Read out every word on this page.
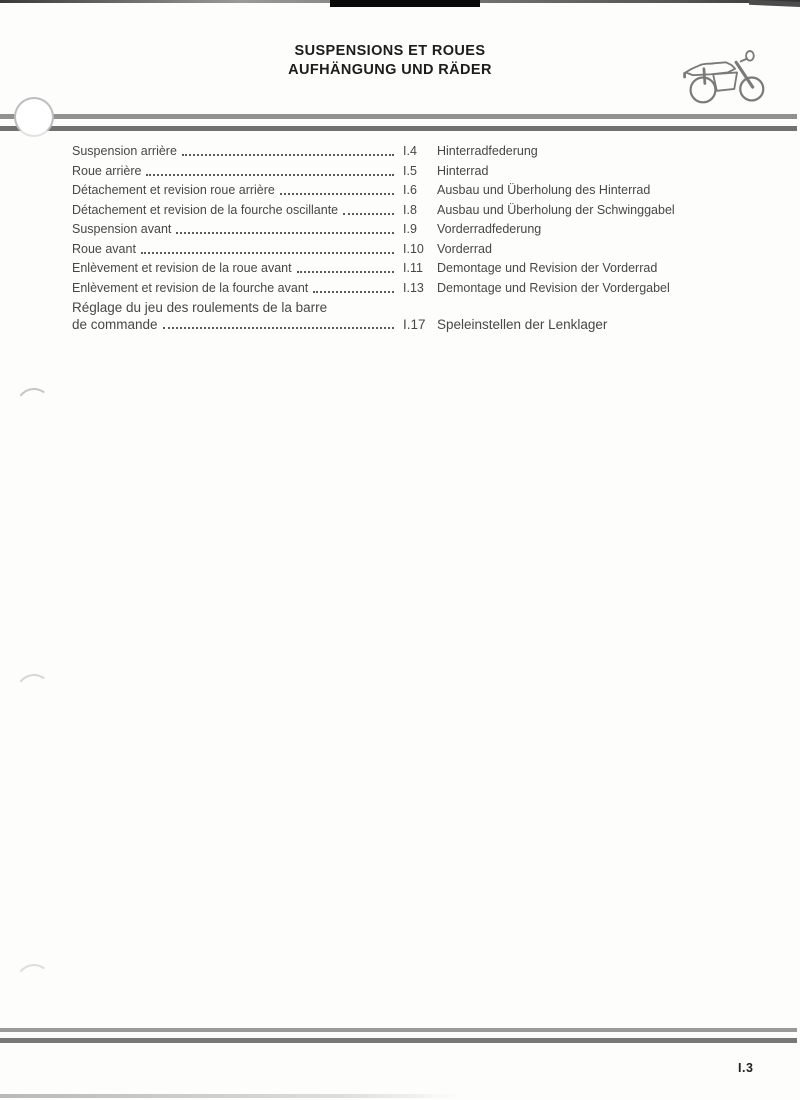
SUSPENSIONS ET ROUES
AUFHÄNGUNG UND RÄDER
Suspension arrière	I.4	Hinterradfederung
Roue arrière	I.5	Hinterrad
Détachement et revision roue arrière	I.6	Ausbau und Überholung des Hinterrad
Détachement et revision de la fourche oscillante	I.8	Ausbau und Überholung der Schwinggabel
Suspension avant	I.9	Vorderradfederung
Roue avant	I.10	Vorderrad
Enlèvement et revision de la roue avant	I.11	Demontage und Revision der Vorderrad
Enlèvement et revision de la fourche avant	I.13	Demontage und Revision der Vordergabel
Réglage du jeu des roulements de la barre
de commande	I.17 Speleinstellen der Lenklager
I.3
